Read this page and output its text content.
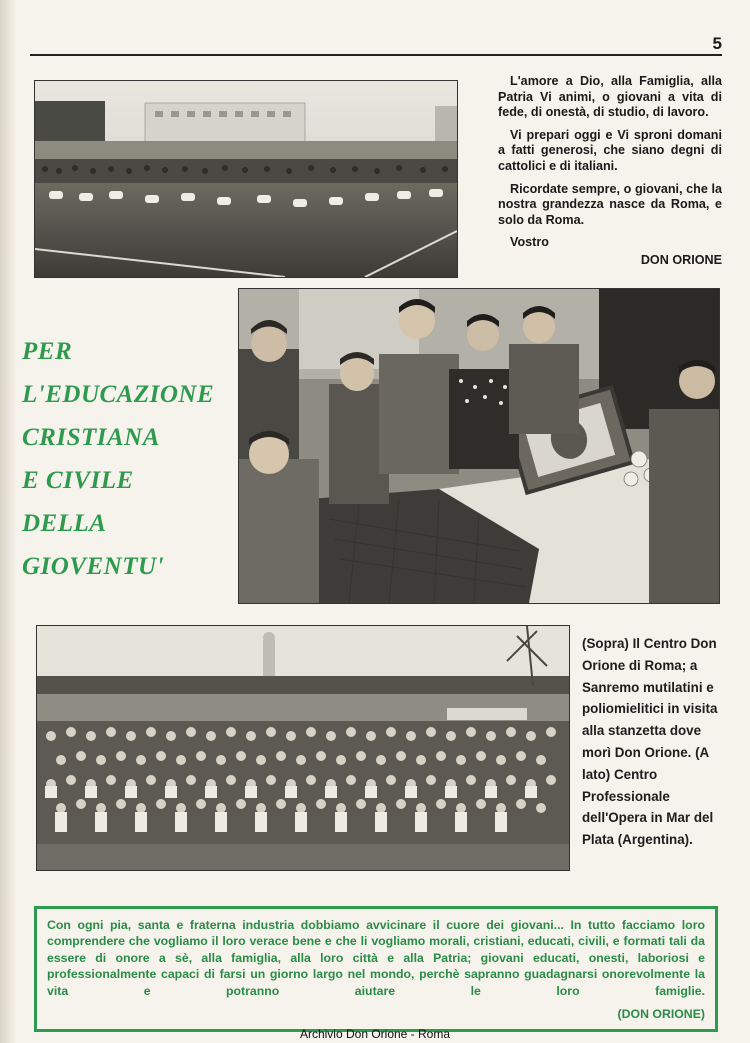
5

L'amore a Dio, alla Famiglia, alla Patria Vi animi, o giovani a vita di fede, di onestà, di studio, di lavoro.

Vi prepari oggi e Vi sproni domani a fatti generosi, che siano degni di cattolici e di italiani.

Ricordate sempre, o giovani, che la nostra grandezza nasce da Roma, e solo da Roma.

Vostro

DON ORIONE

PER
L'EDUCAZIONE
CRISTIANA
E CIVILE
DELLA
GIOVENTU'
(Sopra) Il Centro Don Orione di Roma; a Sanremo mutilatini e poliomielitici in visita alla stanzetta dove morì Don Orione. (A lato) Centro Professionale dell'Opera in Mar del Plata (Argentina).
Con ogni pia, santa e fraterna industria dobbiamo avvicinare il cuore dei giovani... In tutto facciamo loro comprendere che vogliamo il loro verace bene e che li vogliamo morali, cristiani, educati, civili, e formati tali da essere di onore a sè, alla famiglia, alla loro città e alla Patria; giovani educati, onesti, laboriosi e professionalmente capaci di farsi un giorno largo nel mondo, perchè sapranno guadagnarsi onorevolmente la vita e potranno aiutare le loro famiglie.
(DON ORIONE)
Archivio Don Orione - Roma
